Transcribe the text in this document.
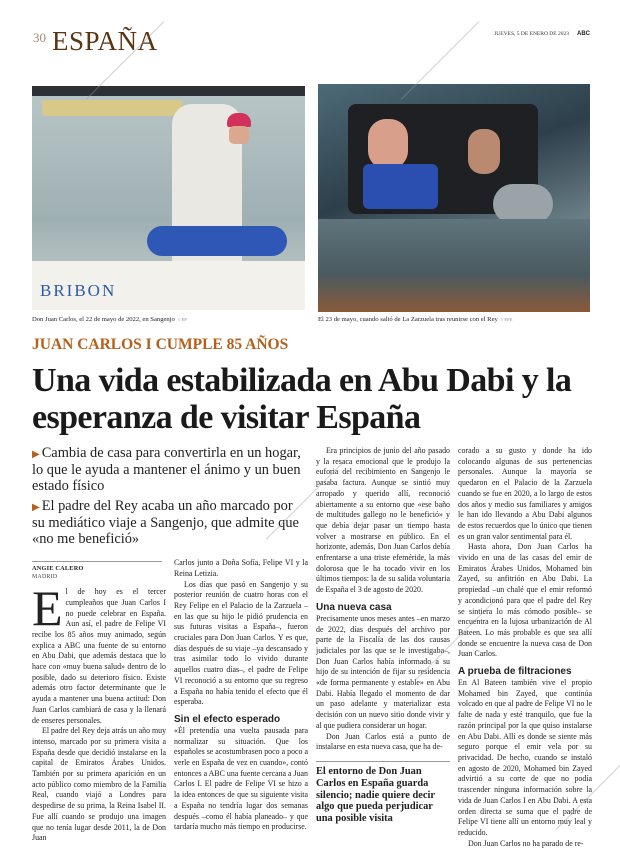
30 ESPAÑA	JUEVES, 5 DE ENERO DE 2023 ABC
BRIBON
Don Juan Carlos, el 22 de mayo de 2022, en Sangenjo // EP	El 23 de mayo, cuando salió de La Zarzuela tras reunirse con el Rey // EFE
JUAN CARLOS I CUMPLE 85 AÑOS
Una vida estabilizada en Abu Dabi y la esperanza de visitar España
▶ Cambia de casa para convertirla en un hogar, lo que le ayuda a mantener el ánimo y un buen estado físico
▶ El padre del Rey acaba un año marcado por su mediático viaje a Sangenjo, que admite que «no me benefició»
ANGIE CALERO
MADRID
E l de hoy es el tercer cumpleaños que Juan Carlos I no puede celebrar en España. Aun así, el padre de Felipe VI recibe los 85 años muy animado, según explica a ABC una fuente de su entorno en Abu Dabi, que además destaca que lo hace con «muy buena salud» dentro de lo posible, dado su deterioro físico. Existe además otro factor determinante que le ayuda a mantener una buena actitud: Don Juan Carlos cambiará de casa y la llenará de enseres personales.

El padre del Rey deja atrás un año muy intenso, marcado por su primera visita a España desde que decidió instalarse en la capital de Emiratos Árabes Unidos. También por su primera aparición en un acto público como miembro de la Familia Real, cuando viajó a Londres para despedirse de su prima, la Reina Isabel II. Fue allí cuando se produjo una imagen que no tenía lugar desde 2011, la de Don Juan

Carlos junto a Doña Sofía, Felipe VI y la Reina Letizia.

Los días que pasó en Sangenjo y su posterior reunión de cuatro horas con el Rey Felipe en el Palacio de la Zarzuela –en las que su hijo le pidió prudencia en sus futuras visitas a España–, fueron cruciales para Don Juan Carlos. Y es que, días después de su viaje –ya descansado y tras asimilar todo lo vivido durante aquellos cuatro días–, el padre de Felipe VI reconoció a su entorno que su regreso a España no había tenido el efecto que él esperaba.

Sin el efecto esperado

«Él pretendía una vuelta pausada para normalizar su situación. Que los españoles se acostumbrasen poco a poco a verle en España de vez en cuando», contó entonces a ABC una fuente cercana a Juan Carlos I. El padre de Felipe VI se hizo a la idea entonces de que su siguiente visita a España no tendría lugar dos semanas después –como él había planeado– y que tardaría mucho más tiempo en producirse.

Era principios de junio del año pasado y la resaca emocional que le produjo la euforia del recibimiento en Sangenjo le pasaba factura. Aunque se sintió muy arropado y querido allí, reconoció abiertamente a su entorno que «ese baño de multitudes gallego no le benefició» y que debía dejar pasar un tiempo hasta volver a mostrarse en público. En el horizonte, además, Don Juan Carlos debía enfrentarse a una triste efeméride, la más dolorosa que le ha tocado vivir en los últimos tiempos: la de su salida voluntaria de España el 3 de agosto de 2020.

Una nueva casa

Precisamente unos meses antes –en marzo de 2022, días después del archivo por parte de la Fiscalía de las dos causas judiciales por las que se le investigaba–, Don Juan Carlos había informado a su hijo de su intención de fijar su residencia «de forma permanente y estable» en Abu Dabi. Había llegado el momento de dar un paso adelante y materializar esta decisión con un nuevo sitio donde vivir y al que pudiera considerar un hogar.

Don Juan Carlos está a punto de instalarse en esta nueva casa, que ha de-

El entorno de Don Juan Carlos en España guarda silencio; nadie quiere decir algo que pueda perjudicar una posible visita

corado a su gusto y donde ha ido colocando algunas de sus pertenencias personales. Aunque la mayoría se quedaron en el Palacio de la Zarzuela cuando se fue en 2020, a lo largo de estos dos años y medio sus familiares y amigos le han ido llevando a Abu Dabi algunos de estos recuerdos que lo único que tienen es un gran valor sentimental para él.

Hasta ahora, Don Juan Carlos ha vivido en una de las casas del emir de Emiratos Árabes Unidos, Mohamed bin Zayed, su anfitrión en Abu Dabi. La propiedad –un chalé que el emir reformó y acondicionó para que el padre del Rey se sintiera lo más cómodo posible– se encuentra en la lujosa urbanización de Al Bateen. Lo más probable es que sea allí donde se encuentre la nueva casa de Don Juan Carlos.

A prueba de filtraciones

En Al Bateen también vive el propio Mohamed bin Zayed, que continúa volcado en que al padre de Felipe VI no le falte de nada y esté tranquilo, que fue la razón principal por la que quiso instalarse en Abu Dabi. Allí es donde se siente más seguro porque el emir vela por su privacidad. De hecho, cuando se instaló en agosto de 2020, Mohamed bin Zayed advirtió a su corte de que no podía trascender ninguna información sobre la vida de Juan Carlos I en Abu Dabi. A esta orden directa se suma que el padre de Felipe VI tiene allí un entorno muy leal y reducido.

Don Juan Carlos no ha parado de re-
